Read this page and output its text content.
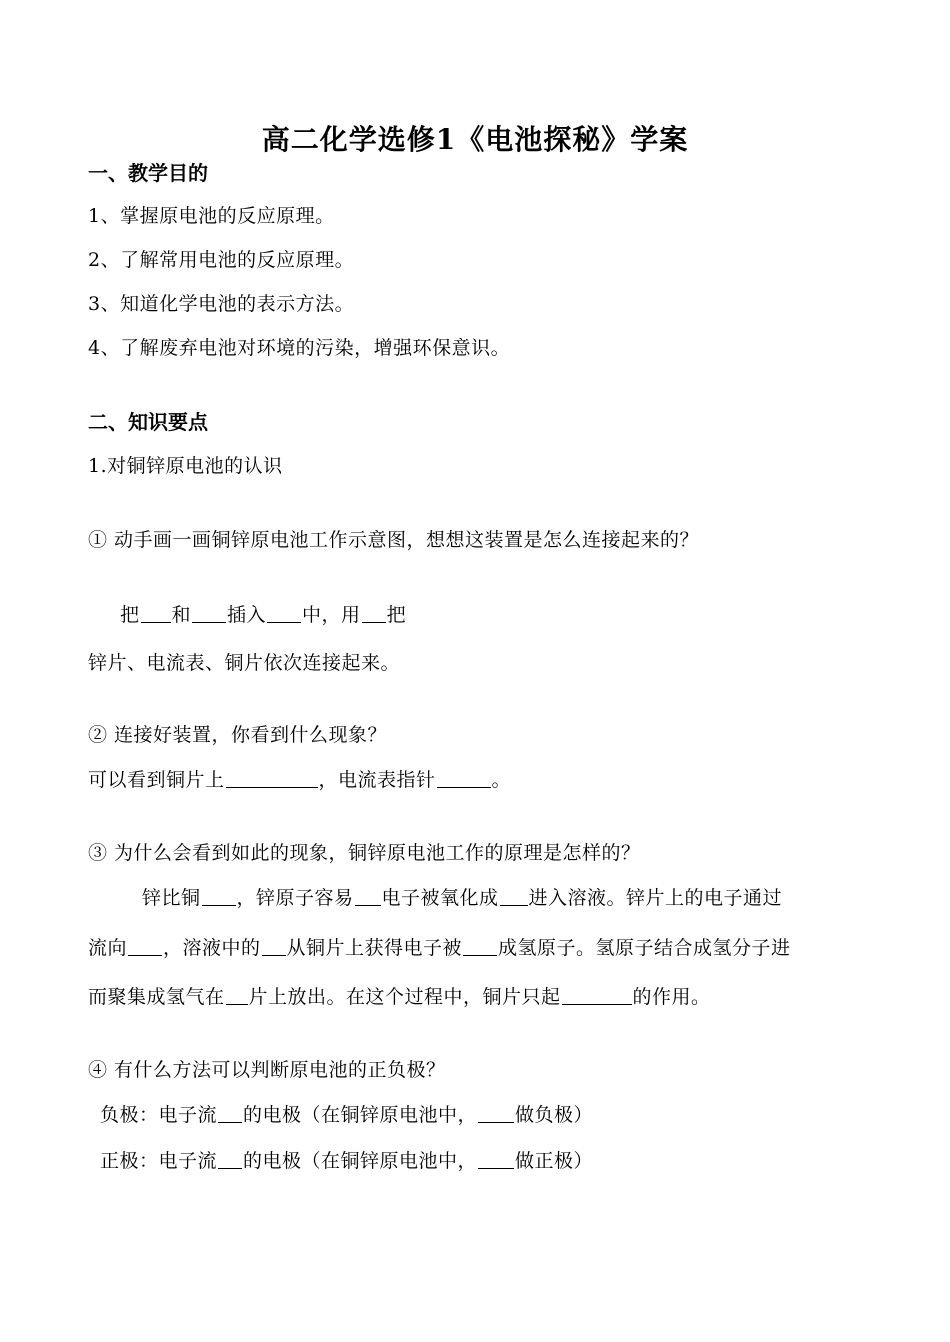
高二化学选修1《电池探秘》学案
一、教学目的
1、掌握原电池的反应原理。
2、了解常用电池的反应原理。
3、知道化学电池的表示方法。
4、了解废弃电池对环境的污染，增强环保意识。
二、知识要点
1.对铜锌原电池的认识
① 动手画一画铜锌原电池工作示意图，想想这装置是怎么连接起来的？
把 和 插入 中，用 把
锌片、电流表、铜片依次连接起来。
② 连接好装置，你看到什么现象？
可以看到铜片上	，电流表指针	。
③ 为什么会看到如此的现象，铜锌原电池工作的原理是怎样的？
锌比铜 ，锌原子容易 电子被氧化成 进入溶液。锌片上的电子通过
流向 ，溶液中的 从铜片上获得电子被 成氢原子。氢原子结合成氢分子进
而聚集成氢气在 片上放出。在这个过程中，铜片只起	的作用。
④ 有什么方法可以判断原电池的正负极？
负极：电子流 的电极（在铜锌原电池中， 做负极）
正极：电子流 的电极（在铜锌原电池中， 做正极）
